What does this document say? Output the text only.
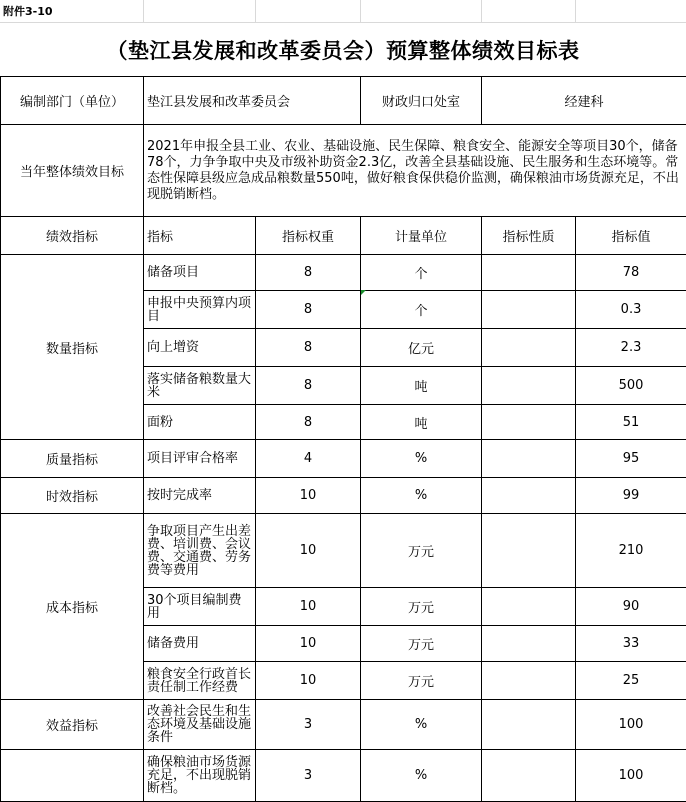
附件3-10
（垫江县发展和改革委员会）预算整体绩效目标表
编制部门（单位）	垫江县发展和改革委员会		财政归口处室	经建科	
当年整体绩效目标	2021年申报全县工业、农业、基础设施、民生保障、粮食安全、能源安全等项目30个，储备78个，力争争取中央及市级补助资金2.3亿，改善全县基础设施、民生服务和生态环境等。常态性保障县级应急成品粮数量550吨，做好粮食保供稳价监测，确保粮油市场货源充足，不出现脱销断档。				
绩效指标	指标	指标权重	计量单位	指标性质	指标值
数量指标	储备项目	8	个		78
	申报中央预算内项目	8	个		0.3
	向上增资	8	亿元		2.3
	落实储备粮数量大米	8	吨		500
	面粉	8	吨		51
质量指标	项目评审合格率	4	%		95
时效指标	按时完成率	10	%		99
成本指标	争取项目产生出差费、培训费、会议费、交通费、劳务费等费用	10	万元		210
	30个项目编制费用	10	万元		90
	储备费用	10	万元		33
	粮食安全行政首长责任制工作经费	10	万元		25
效益指标	改善社会民生和生态环境及基础设施条件	3	%		100
	确保粮油市场货源充足，不出现脱销断档。	3	%		100
